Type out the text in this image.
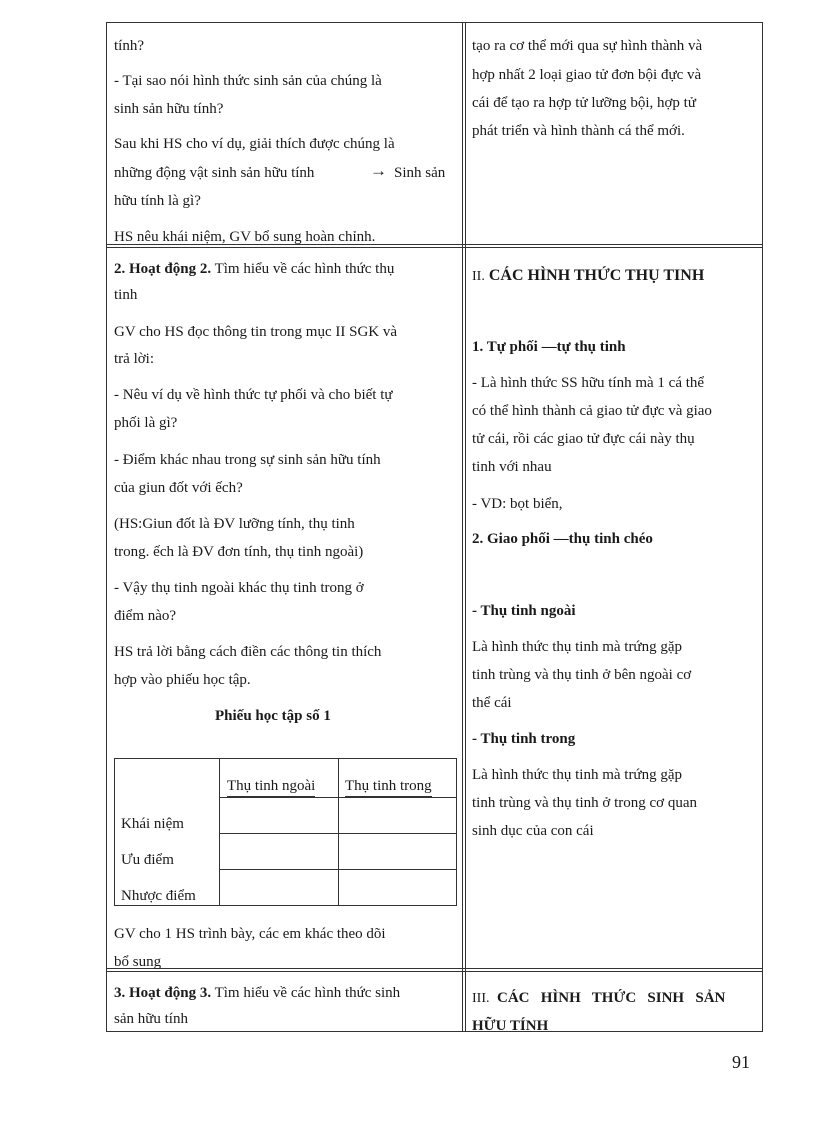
tính?
- Tại sao nói hình thức sinh sản của chúng là
sinh sản hữu tính?
Sau khi HS cho ví dụ, giải thích được chúng là
những động vật sinh sản hữu tính	→ Sinh sản
hữu tính là gì?
HS nêu khái niệm, GV bổ sung hoàn chỉnh.
tạo ra cơ thể mới qua sự hình thành và
hợp nhất 2 loại giao tử đơn bội đực và
cái để tạo ra hợp tử lưỡng bội, hợp tử
phát triển và hình thành cá thể mới.
2. Hoạt động 2. Tìm hiểu về các hình thức thụ
tinh
GV cho HS đọc thông tin trong mục II SGK và
trả lời:
- Nêu ví dụ về hình thức tự phối và cho biết tự
phối là gì?
- Điểm khác nhau trong sự sinh sản hữu tính
của giun đốt với ếch?
(HS:Giun đốt là ĐV lưỡng tính, thụ tinh
trong. ếch là ĐV đơn tính, thụ tinh ngoài)
- Vậy thụ tinh ngoài khác thụ tinh trong ở
điểm nào?
HS trả lời bằng cách điền các thông tin thích
hợp vào phiếu học tập.
Phiếu học tập số 1
Thụ tinh ngoài Thụ tinh trong
Khái niệm
Ưu điểm
Nhược điểm
GV cho 1 HS trình bày, các em khác theo dõi
bổ sung
II. CÁC HÌNH THỨC THỤ TINH
1. Tự phối —tự thụ tinh
- Là hình thức SS hữu tính mà 1 cá thể
có thể hình thành cả giao tử đực và giao
tử cái, rồi các giao tử đực cái này thụ
tinh với nhau
- VD: bọt biển,
2. Giao phối —thụ tinh chéo
- Thụ tinh ngoài
Là hình thức thụ tinh mà trứng gặp
tinh trùng và thụ tinh ở bên ngoài cơ
thể cái
- Thụ tinh trong
Là hình thức thụ tinh mà trứng gặp
tinh trùng và thụ tinh ở trong cơ quan
sinh dục của con cái
3. Hoạt động 3. Tìm hiểu về các hình thức sinh
sản hữu tính
III.  CÁC   HÌNH   THỨC   SINH   SẢN
HỮU TÍNH
91
